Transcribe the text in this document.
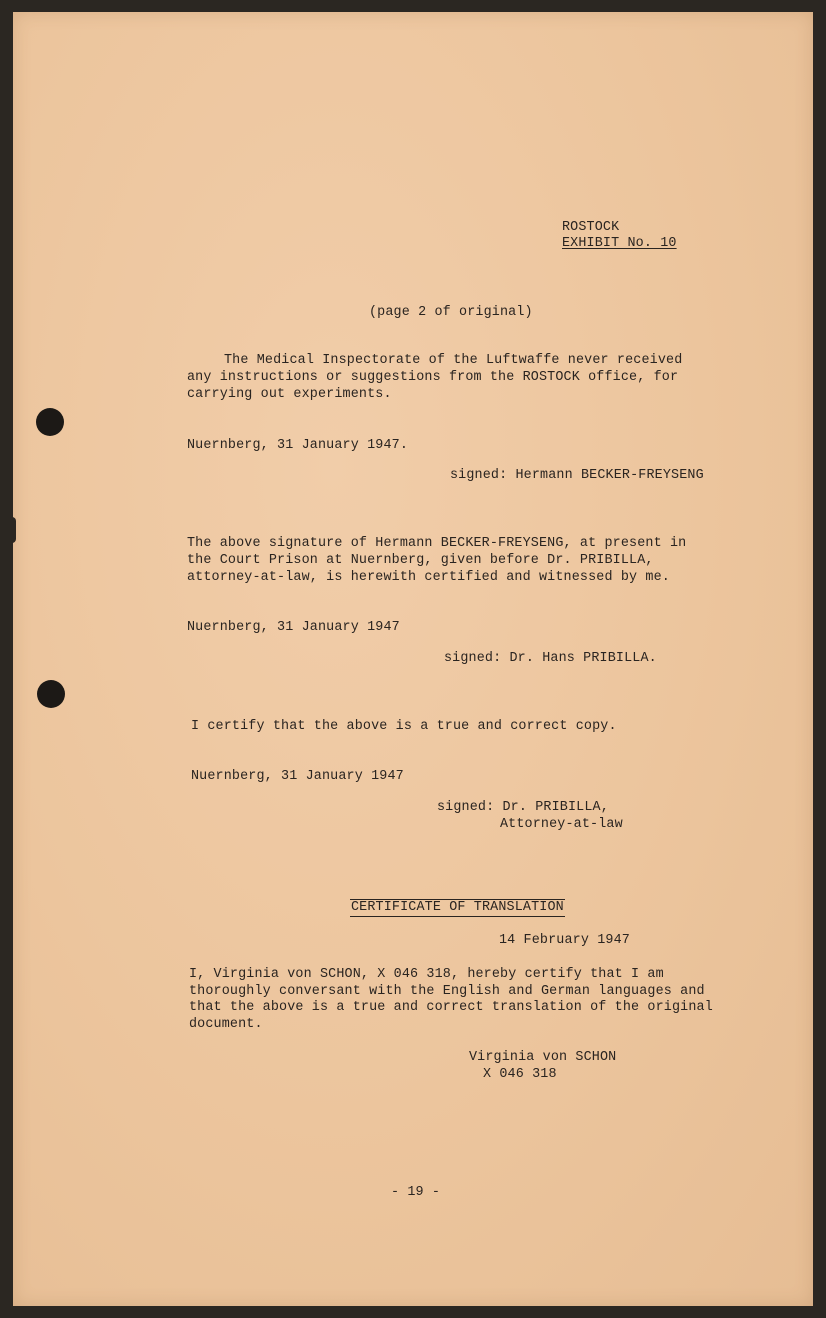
ROSTOCK

EXHIBIT No. 10

(page 2 of original)

The Medical Inspectorate of the Luftwaffe never received

any instructions or suggestions from the ROSTOCK office, for

carrying out experiments.

Nuernberg, 31 January 1947.

signed: Hermann BECKER-FREYSENG

The above signature of Hermann BECKER-FREYSENG, at present in

the Court Prison at Nuernberg, given before Dr. PRIBILLA,

attorney-at-law, is herewith certified and witnessed by me.

Nuernberg, 31 January 1947

signed: Dr. Hans PRIBILLA.

I certify that the above is a true and correct copy.

Nuernberg, 31 January 1947

signed: Dr. PRIBILLA,

Attorney-at-law

CERTIFICATE OF TRANSLATION

14 February 1947

I, Virginia von SCHON, X 046 318, hereby certify that I am

thoroughly conversant with the English and German languages and

that the above is a true and correct translation of the original

document.

Virginia von SCHON

X 046 318

- 19 -
